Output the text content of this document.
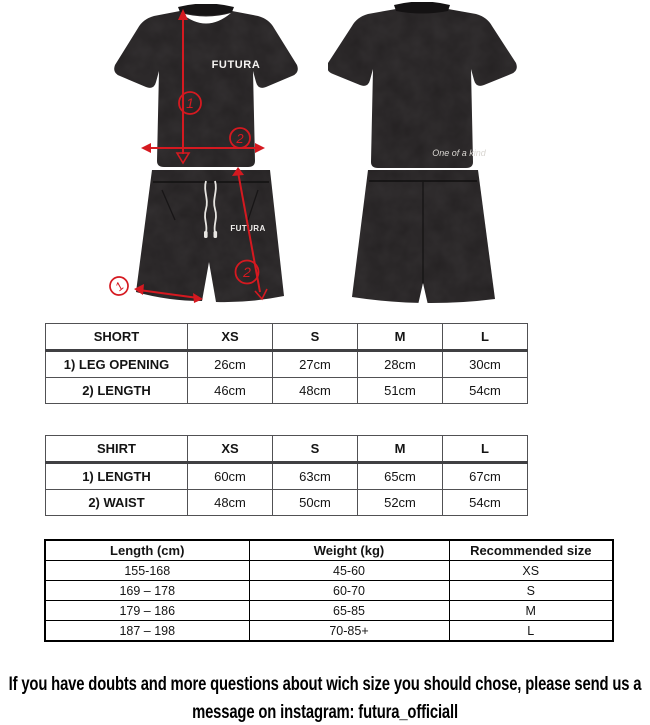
FUTURA
1
2
FUTURA
2
1
One of a kind
SHORT	XS	S	M	L
1) LEG OPENING	26cm	27cm	28cm	30cm
2) LENGTH	46cm	48cm	51cm	54cm
SHIRT	XS	S	M	L
1) LENGTH	60cm	63cm	65cm	67cm
2) WAIST	48cm	50cm	52cm	54cm
Length (cm)	Weight (kg)	Recommended size
155-168	45-60	XS
169 – 178	60-70	S
179 – 186	65-85	M
187 – 198	70-85+	L
If you have doubts and more questions about wich size you should chose, please send us a
message on instagram: futura_officiall
